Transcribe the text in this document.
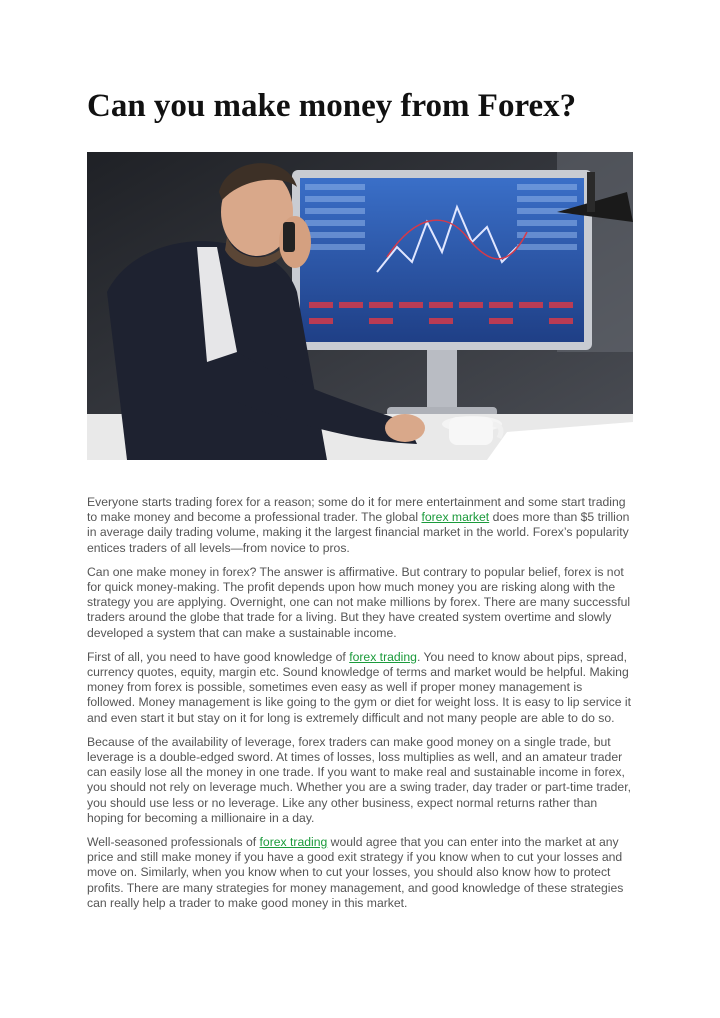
Can you make money from Forex?

Everyone starts trading forex for a reason; some do it for mere entertainment and some start trading to make money and become a professional trader. The global forex market does more than $5 trillion in average daily trading volume, making it the largest financial market in the world. Forex’s popularity entices traders of all levels—from novice to pros.

Can one make money in forex? The answer is affirmative. But contrary to popular belief, forex is not for quick money-making. The profit depends upon how much money you are risking along with the strategy you are applying. Overnight, one can not make millions by forex. There are many successful traders around the globe that trade for a living. But they have created system overtime and slowly developed a system that can make a sustainable income.

First of all, you need to have good knowledge of forex trading. You need to know about pips, spread, currency quotes, equity, margin etc. Sound knowledge of terms and market would be helpful. Making money from forex is possible, sometimes even easy as well if proper money management is followed. Money management is like going to the gym or diet for weight loss. It is easy to lip service it and even start it but stay on it for long is extremely difficult and not many people are able to do so.

Because of the availability of leverage, forex traders can make good money on a single trade, but leverage is a double-edged sword. At times of losses, loss multiplies as well, and an amateur trader can easily lose all the money in one trade. If you want to make real and sustainable income in forex, you should not rely on leverage much. Whether you are a swing trader, day trader or part-time trader, you should use less or no leverage. Like any other business, expect normal returns rather than hoping for becoming a millionaire in a day.

Well-seasoned professionals of forex trading would agree that you can enter into the market at any price and still make money if you have a good exit strategy if you know when to cut your losses and move on. Similarly, when you know when to cut your losses, you should also know how to protect profits. There are many strategies for money management, and good knowledge of these strategies can really help a trader to make good money in this market.
